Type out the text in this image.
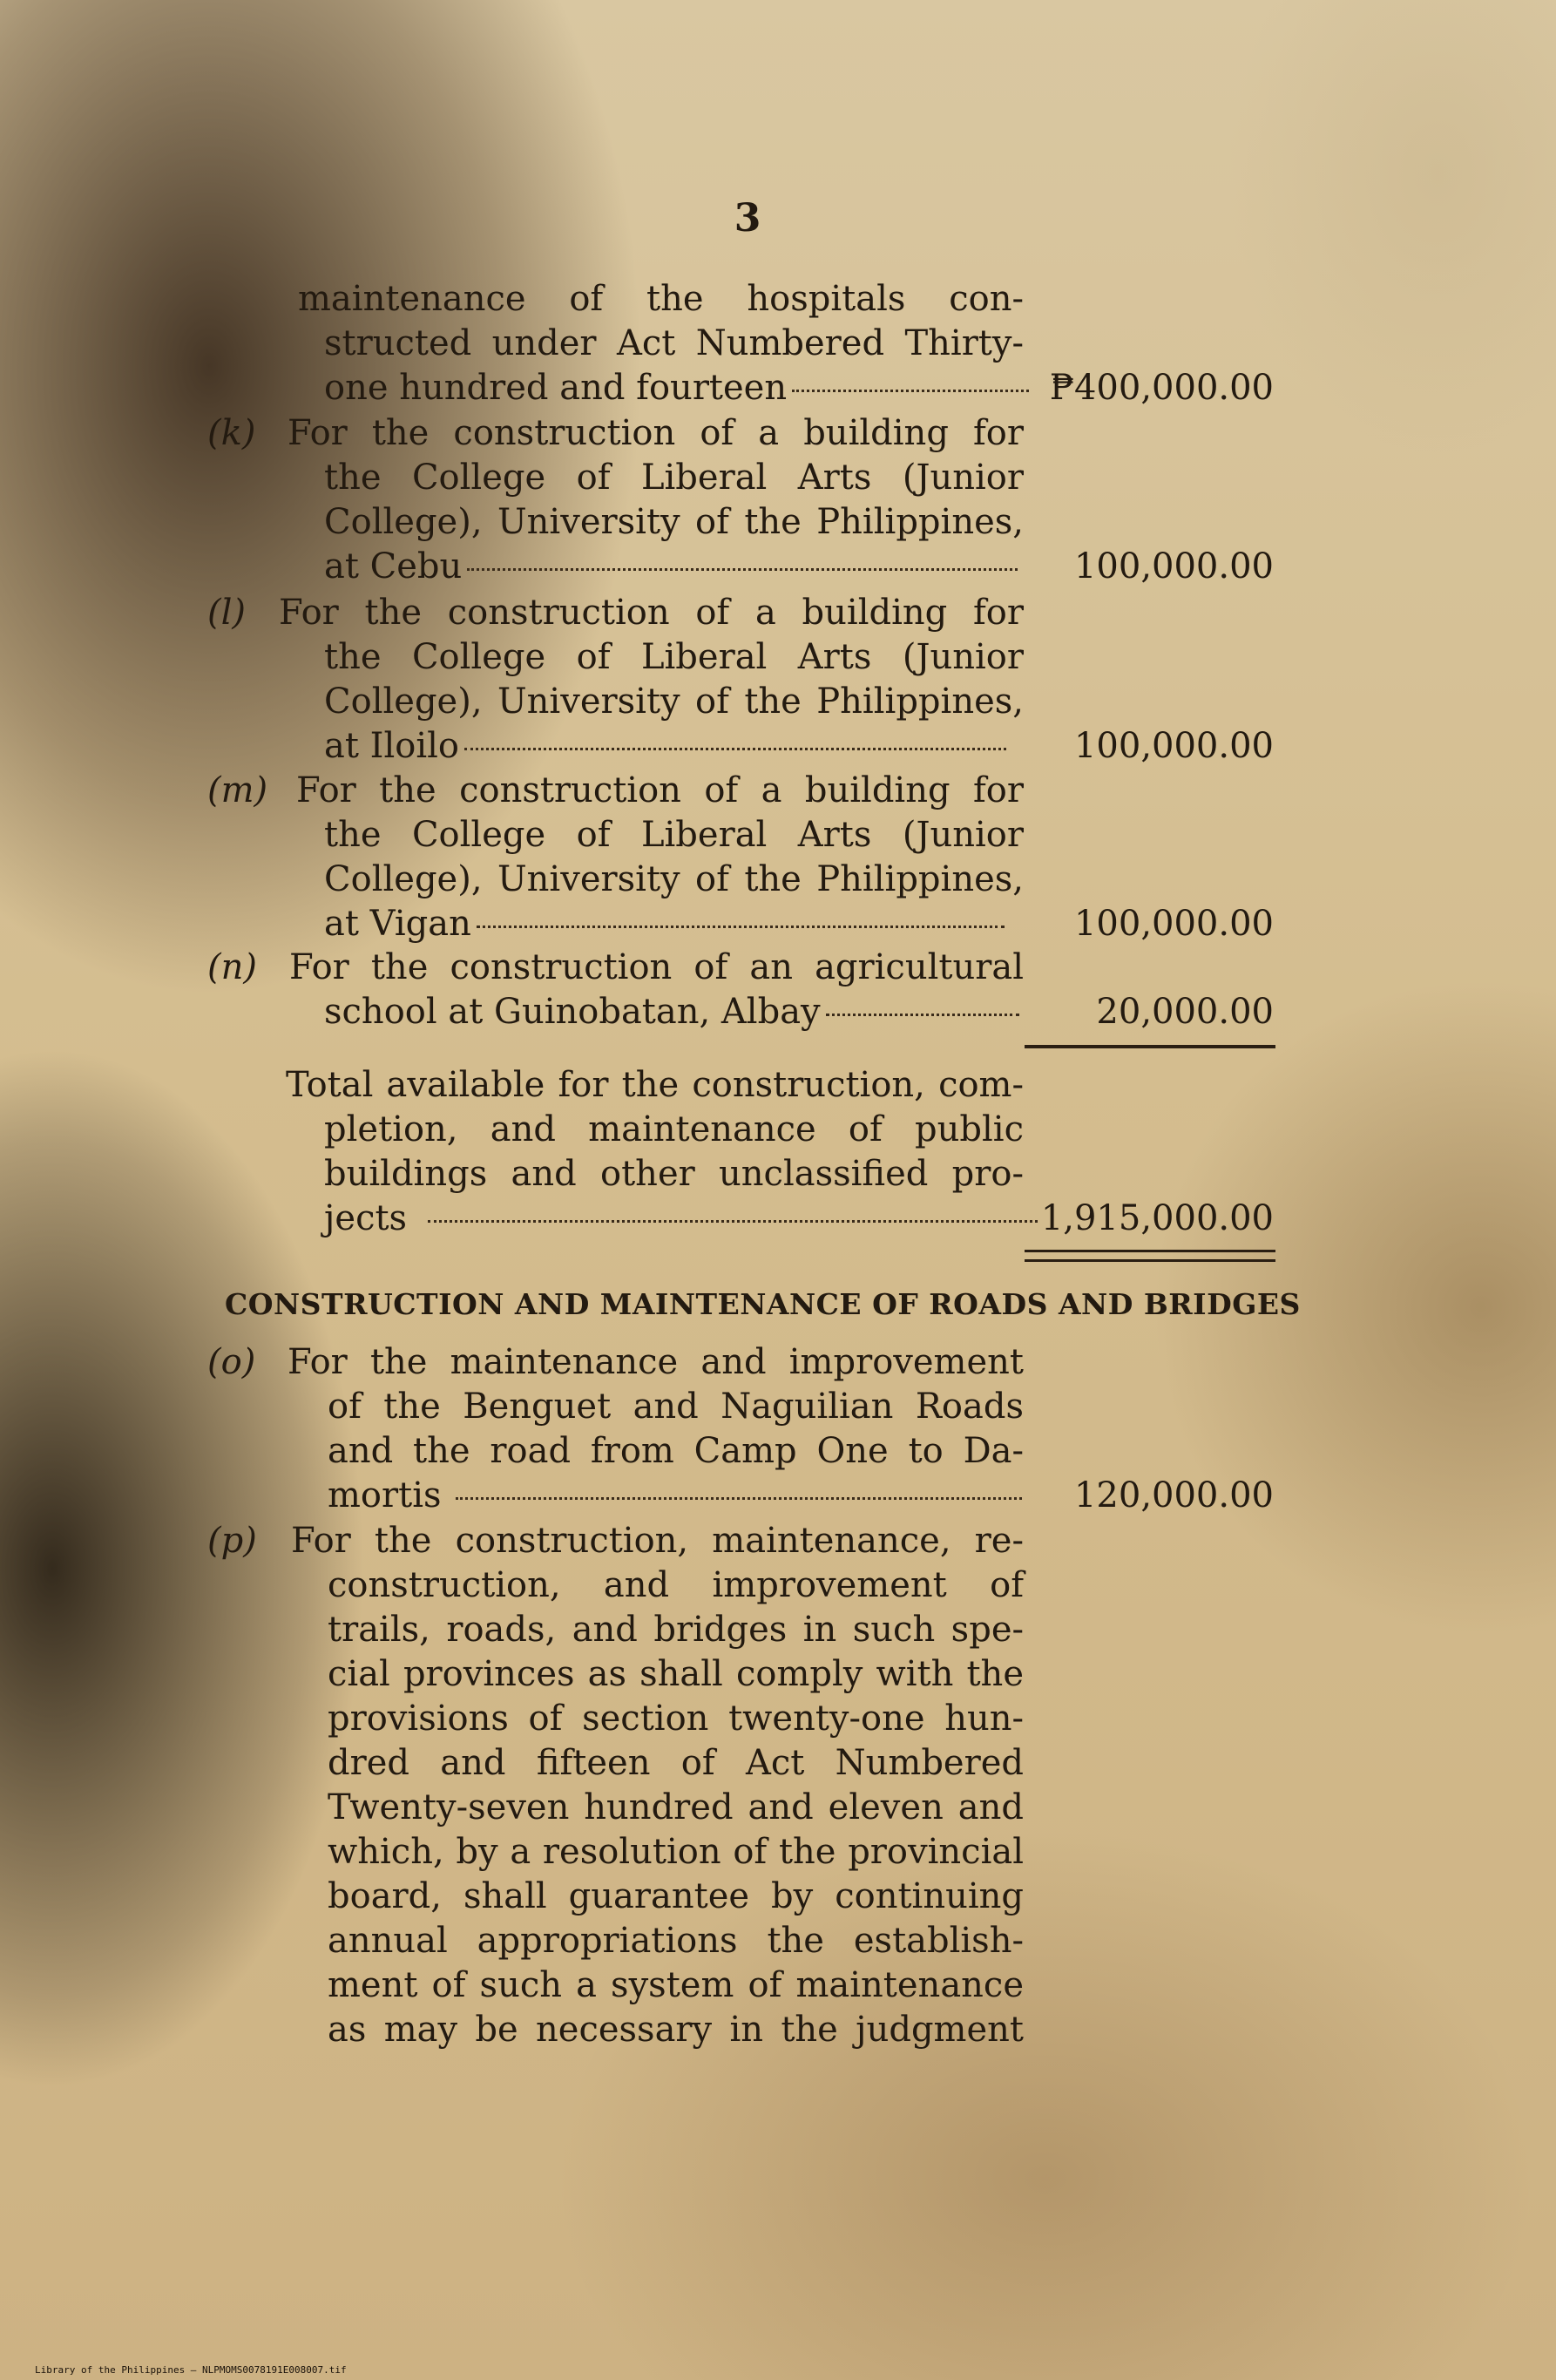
3
maintenance of the hospitals con-
structed under Act Numbered Thirty-
one hundred and fourteen	₱400,000.00
(k) For the construction of a building for
the College of Liberal Arts (Junior
College), University of the Philippines,
at Cebu	100,000.00
(l) For the construction of a building for
the College of Liberal Arts (Junior
College), University of the Philippines,
at Iloilo	100,000.00
(m) For the construction of a building for
the College of Liberal Arts (Junior
College), University of the Philippines,
at Vigan	100,000.00
(n) For the construction of an agricultural
school at Guinobatan, Albay	20,000.00
Total available for the construction, com-
pletion, and maintenance of public
buildings and other unclassified pro-
jects	1,915,000.00
CONSTRUCTION AND MAINTENANCE OF ROADS AND BRIDGES
(o) For the maintenance and improvement
of the Benguet and Naguilian Roads
and the road from Camp One to Da-
mortis	120,000.00
(p) For the construction, maintenance, re-
construction, and improvement of
trails, roads, and bridges in such spe-
cial provinces as shall comply with the
provisions of section twenty-one hun-
dred and fifteen of Act Numbered
Twenty-seven hundred and eleven and
which, by a resolution of the provincial
board, shall guarantee by continuing
annual appropriations the establish-
ment of such a system of maintenance
as may be necessary in the judgment
Library of the Philippines — NLPMOMS0078191E008007.tif
